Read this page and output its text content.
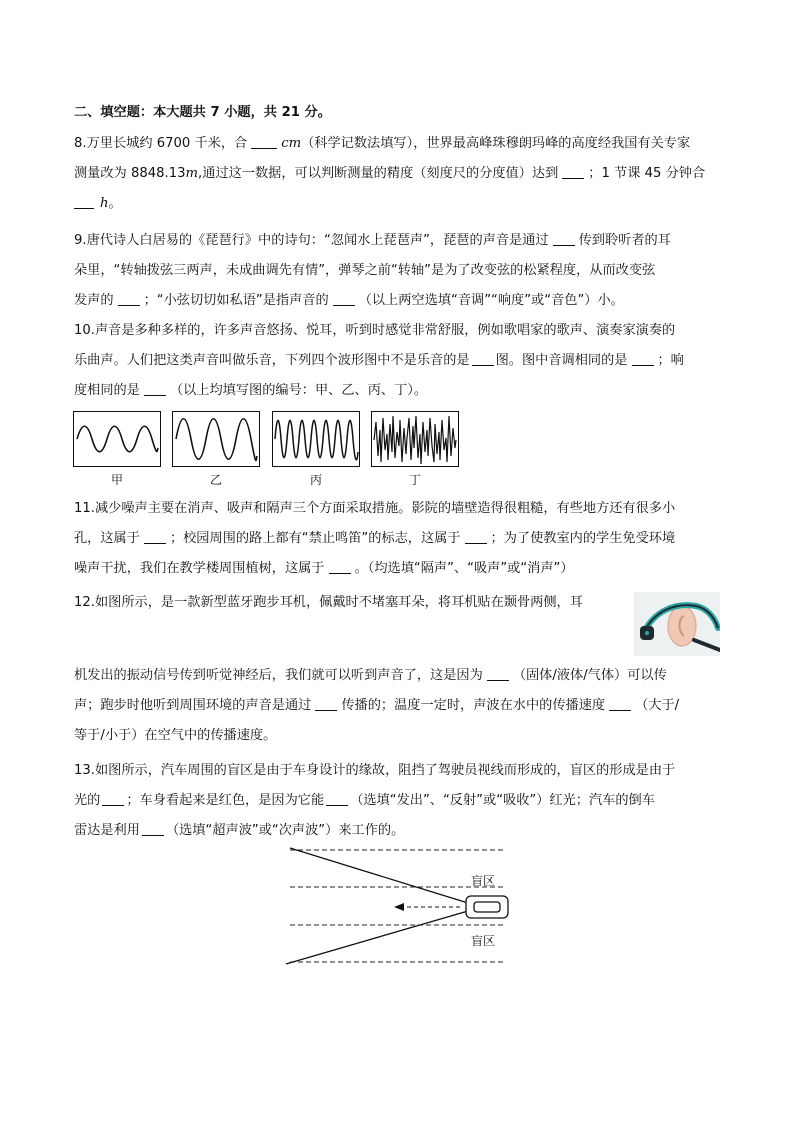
二、填空题：本大题共 7 小题，共 21 分。
8.万里长城约 6700 千米，合	cm（科学记数法填写），世界最高峰珠穆朗玛峰的高度经我国有关专家
测量改为 8848.13m,通过这一数据，可以判断测量的精度（刻度尺的分度值）达到 ；1 节课 45 分钟合
h。
9.唐代诗人白居易的《琵琶行》中的诗句：“忽闻水上琵琶声”，琵琶的声音是通过 传到聆听者的耳
朵里，“转轴拨弦三两声，未成曲调先有情”，弹琴之前“转轴”是为了改变弦的松紧程度，从而改变弦
发声的 ；“小弦切切如私语”是指声音的 （以上两空选填“音调”“响度”或“音色”）小。
10.声音是多种多样的，许多声音悠扬、悦耳，听到时感觉非常舒服，例如歌唱家的歌声、演奏家演奏的
乐曲声。人们把这类声音叫做乐音，下列四个波形图中不是乐音的是 图。图中音调相同的是 ；响
度相同的是 （以上均填写图的编号：甲、乙、丙、丁）。
甲	乙	丙	丁
11.减少噪声主要在消声、吸声和隔声三个方面采取措施。影院的墙壁造得很粗糙，有些地方还有很多小
孔，这属于 ；校园周围的路上都有“禁止鸣笛”的标志，这属于 ；为了使教室内的学生免受环境
噪声干扰，我们在教学楼周围植树，这属于 。（均选填“隔声”、“吸声”或“消声”）
12.如图所示，是一款新型蓝牙跑步耳机，佩戴时不堵塞耳朵，将耳机贴在颞骨两侧，耳
机发出的振动信号传到听觉神经后，我们就可以听到声音了，这是因为 （固体/液体/气体）可以传
声；跑步时他听到周围环境的声音是通过 传播的；温度一定时，声波在水中的传播速度 （大于/
等于/小于）在空气中的传播速度。
13.如图所示，汽车周围的盲区是由于车身设计的缘故，阻挡了驾驶员视线而形成的，盲区的形成是由于
光的 ；车身看起来是红色，是因为它能 （选填“发出”、“反射”或“吸收”）红光；汽车的倒车
雷达是利用 （选填“超声波”或“次声波”）来工作的。
盲区
盲区
